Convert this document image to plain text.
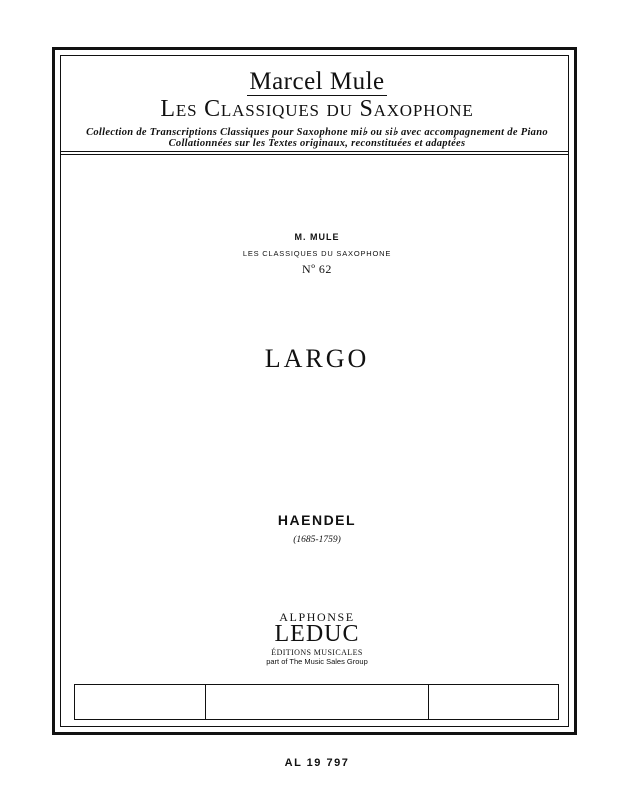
Marcel Mule
Les Classiques du Saxophone
Collection de Transcriptions Classiques pour Saxophone mi♭ ou si♭ avec accompagnement de Piano
Collationnées sur les Textes originaux, reconstituées et adaptées
M. MULE
LES CLASSIQUES DU SAXOPHONE
Nº 62
LARGO
HAENDEL
(1685-1759)
ALPHONSE
LEDUC
ÉDITIONS MUSICALES
part of The Music Sales Group
AL 19 797
